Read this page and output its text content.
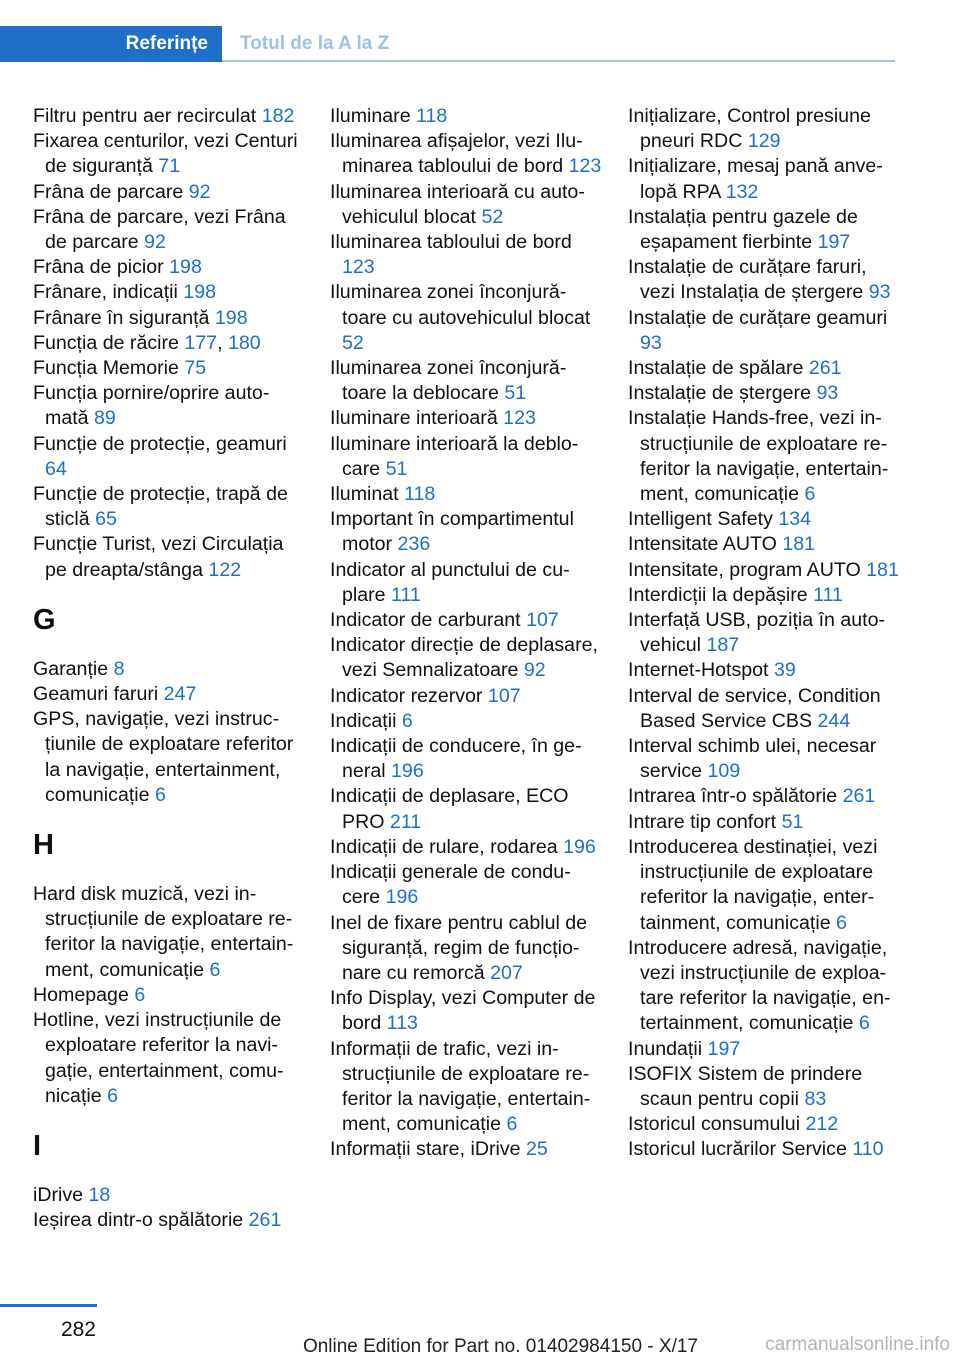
Referințe	Totul de la A la Z
Filtru pentru aer recirculat 182
Fixarea centurilor, vezi Centuri de siguranță 71
Frâna de parcare 92
Frâna de parcare, vezi Frâna de parcare 92
Frâna de picior 198
Frânare, indicații 198
Frânare în siguranță 198
Funcția de răcire 177, 180
Funcția Memorie 75
Funcția pornire/oprire automată 89
Funcție de protecție, geamuri 64
Funcție de protecție, trapă de sticlă 65
Funcție Turist, vezi Circulația pe dreapta/stânga 122
G
Garanție 8
Geamuri faruri 247
GPS, navigație, vezi instrucțiunile de exploatare referitor la navigație, entertainment, comunicație 6
H
Hard disk muzică, vezi instrucțiunile de exploatare referitor la navigație, entertainment, comunicație 6
Homepage 6
Hotline, vezi instrucțiunile de exploatare referitor la navigație, entertainment, comunicație 6
I
iDrive 18
Ieșirea dintr-o spălătorie 261
Iluminare 118
Iluminarea afișajelor, vezi Iluminarea tabloului de bord 123
Iluminarea interioară cu autovehiculul blocat 52
Iluminarea tabloului de bord 123
Iluminarea zonei înconjurătoare cu autovehiculul blocat 52
Iluminarea zonei înconjurătoare la deblocare 51
Iluminare interioară 123
Iluminare interioară la deblocare 51
Iluminat 118
Important în compartimentul motor 236
Indicator al punctului de cuplare 111
Indicator de carburant 107
Indicator direcție de deplasare, vezi Semnalizatoare 92
Indicator rezervor 107
Indicații 6
Indicații de conducere, în general 196
Indicații de deplasare, ECO PRO 211
Indicații de rulare, rodarea 196
Indicații generale de conducere 196
Inel de fixare pentru cablul de siguranță, regim de funcționare cu remorcă 207
Info Display, vezi Computer de bord 113
Informații de trafic, vezi instrucțiunile de exploatare referitor la navigație, entertainment, comunicație 6
Informații stare, iDrive 25
Inițializare, Control presiune pneuri RDC 129
Inițializare, mesaj pană anvelopă RPA 132
Instalația pentru gazele de eșapament fierbinte 197
Instalație de curățare faruri, vezi Instalația de ștergere 93
Instalație de curățare geamuri 93
Instalație de spălare 261
Instalație de ștergere 93
Instalație Hands-free, vezi instrucțiunile de exploatare referitor la navigație, entertainment, comunicație 6
Intelligent Safety 134
Intensitate AUTO 181
Intensitate, program AUTO 181
Interdicții la depășire 111
Interfață USB, poziția în autovehicul 187
Internet-Hotspot 39
Interval de service, Condition Based Service CBS 244
Interval schimb ulei, necesar service 109
Intrarea într-o spălătorie 261
Intrare tip confort 51
Introducerea destinației, vezi instrucțiunile de exploatare referitor la navigație, entertainment, comunicație 6
Introducere adresă, navigație, vezi instrucțiunile de exploatare referitor la navigație, entertainment, comunicație 6
Inundații 197
ISOFIX Sistem de prindere scaun pentru copii 83
Istoricul consumului 212
Istoricul lucrărilor Service 110
282
Online Edition for Part no. 01402984150 - X/17	carmanualsonline.info
